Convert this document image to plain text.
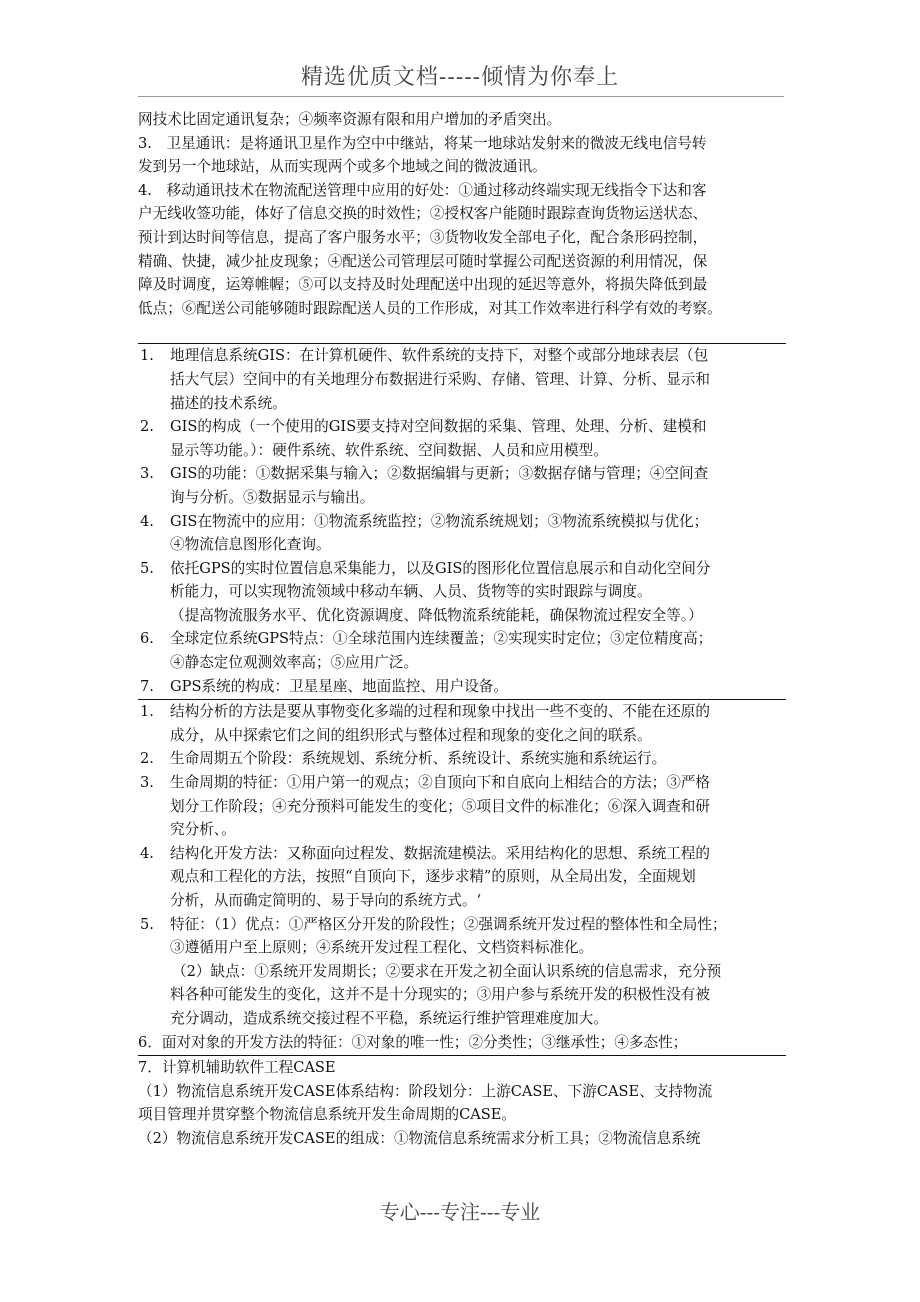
精选优质文档-----倾情为你奉上
网技术比固定通讯复杂；④频率资源有限和用户增加的矛盾突出。
3.　卫星通讯：是将通讯卫星作为空中中继站，将某一地球站发射来的微波无线电信号转
发到另一个地球站，从而实现两个或多个地域之间的微波通讯。
4.　移动通讯技术在物流配送管理中应用的好处：①通过移动终端实现无线指令下达和客
户无线收签功能，体好了信息交换的时效性；②授权客户能随时跟踪查询货物运送状态、
预计到达时间等信息，提高了客户服务水平；③货物收发全部电子化，配合条形码控制，
精确、快捷，减少扯皮现象；④配送公司管理层可随时掌握公司配送资源的利用情况，保
障及时调度，运筹帷幄；⑤可以支持及时处理配送中出现的延迟等意外，将损失降低到最
低点；⑥配送公司能够随时跟踪配送人员的工作形成，对其工作效率进行科学有效的考察。
1. 地理信息系统GIS：在计算机硬件、软件系统的支持下，对整个或部分地球表层（包
括大气层）空间中的有关地理分布数据进行采购、存储、管理、计算、分析、显示和
描述的技术系统。
2. GIS的构成（一个使用的GIS要支持对空间数据的采集、管理、处理、分析、建模和
显示等功能。）：硬件系统、软件系统、空间数据、人员和应用模型。
3. GIS的功能：①数据采集与输入；②数据编辑与更新；③数据存储与管理；④空间查
询与分析。⑤数据显示与输出。
4. GIS在物流中的应用：①物流系统监控；②物流系统规划；③物流系统模拟与优化；
④物流信息图形化查询。
5. 依托GPS的实时位置信息采集能力，以及GIS的图形化位置信息展示和自动化空间分
析能力，可以实现物流领域中移动车辆、人员、货物等的实时跟踪与调度。
（提高物流服务水平、优化资源调度、降低物流系统能耗，确保物流过程安全等。）
6. 全球定位系统GPS特点：①全球范围内连续覆盖；②实现实时定位；③定位精度高；
④静态定位观测效率高；⑤应用广泛。
7. GPS系统的构成：卫星星座、地面监控、用户设备。
1. 结构分析的方法是要从事物变化多端的过程和现象中找出一些不变的、不能在还原的
成分，从中探索它们之间的组织形式与整体过程和现象的变化之间的联系。
2. 生命周期五个阶段：系统规划、系统分析、系统设计、系统实施和系统运行。
3. 生命周期的特征：①用户第一的观点；②自顶向下和自底向上相结合的方法；③严格
划分工作阶段；④充分预料可能发生的变化；⑤项目文件的标准化；⑥深入调查和研
究分析、。
4. 结构化开发方法：又称面向过程发、数据流建模法。采用结构化的思想、系统工程的
观点和工程化的方法，按照“自顶向下，逐步求精”的原则，从全局出发，全面规划
分析，从而确定简明的、易于导向的系统方式。‘
5. 特征：（1）优点：①严格区分开发的阶段性；②强调系统开发过程的整体性和全局性；
③遵循用户至上原则；④系统开发过程工程化、文档资料标准化。
（2）缺点：①系统开发周期长；②要求在开发之初全面认识系统的信息需求，充分预
料各种可能发生的变化，这并不是十分现实的；③用户参与系统开发的积极性没有被
充分调动，造成系统交接过程不平稳，系统运行维护管理难度加大。
6．面对对象的开发方法的特征：①对象的唯一性；②分类性；③继承性；④多态性；
7．计算机辅助软件工程CASE
（1）物流信息系统开发CASE体系结构：阶段划分：上游CASE、下游CASE、支持物流
项目管理并贯穿整个物流信息系统开发生命周期的CASE。
（2）物流信息系统开发CASE的组成：①物流信息系统需求分析工具；②物流信息系统
专心---专注---专业
